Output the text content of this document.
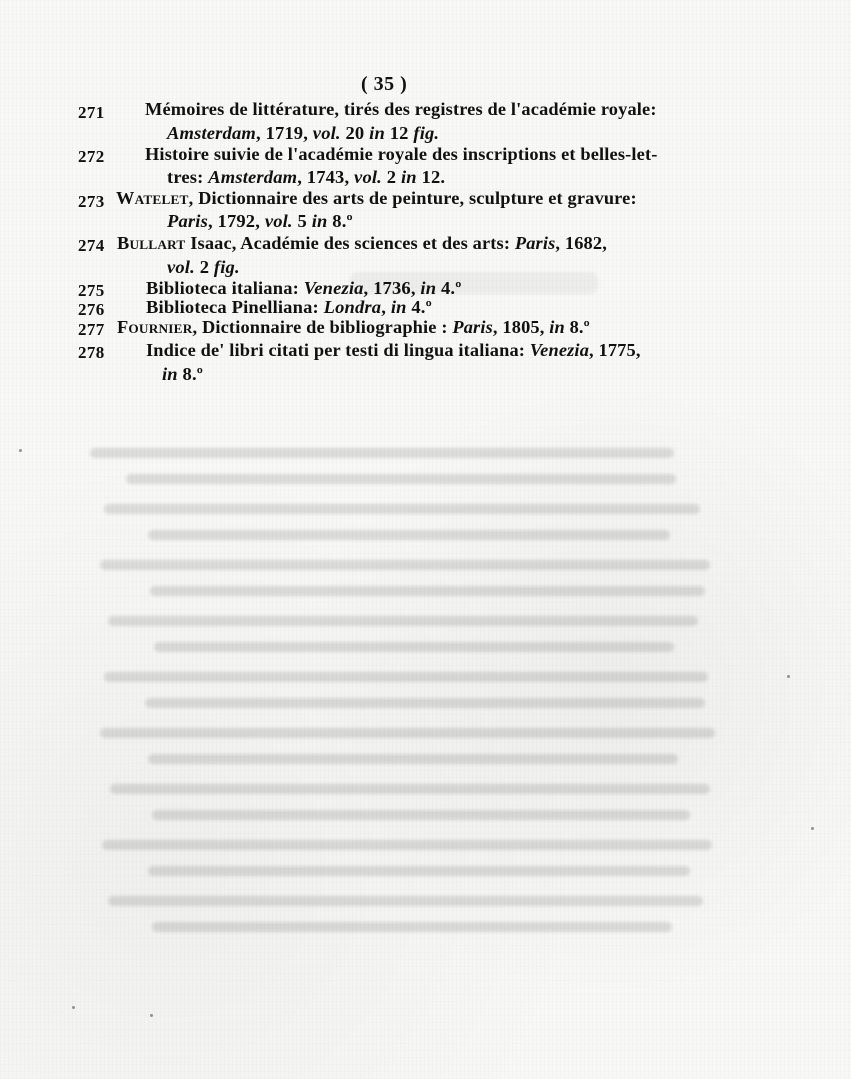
( 35 )
271	Mémoires de littérature, tirés des registres de l'académie royale:
Amsterdam, 1719, vol. 20 in 12 fig.
272	Histoire suivie de l'académie royale des inscriptions et belles-let-
tres: Amsterdam, 1743, vol. 2 in 12.
273 Watelet, Dictionnaire des arts de peinture, sculpture et gravure:
Paris, 1792, vol. 5 in 8.º
274 Bullart Isaac, Académie des sciences et des arts: Paris, 1682,
vol. 2 fig.
275	Biblioteca italiana: Venezia, 1736, in 4.º
276	Biblioteca Pinelliana: Londra, in 4.º
277 Fournier, Dictionnaire de bibliographie : Paris, 1805, in 8.º
278	Indice de' libri citati per testi di lingua italiana: Venezia, 1775,
in 8.º
